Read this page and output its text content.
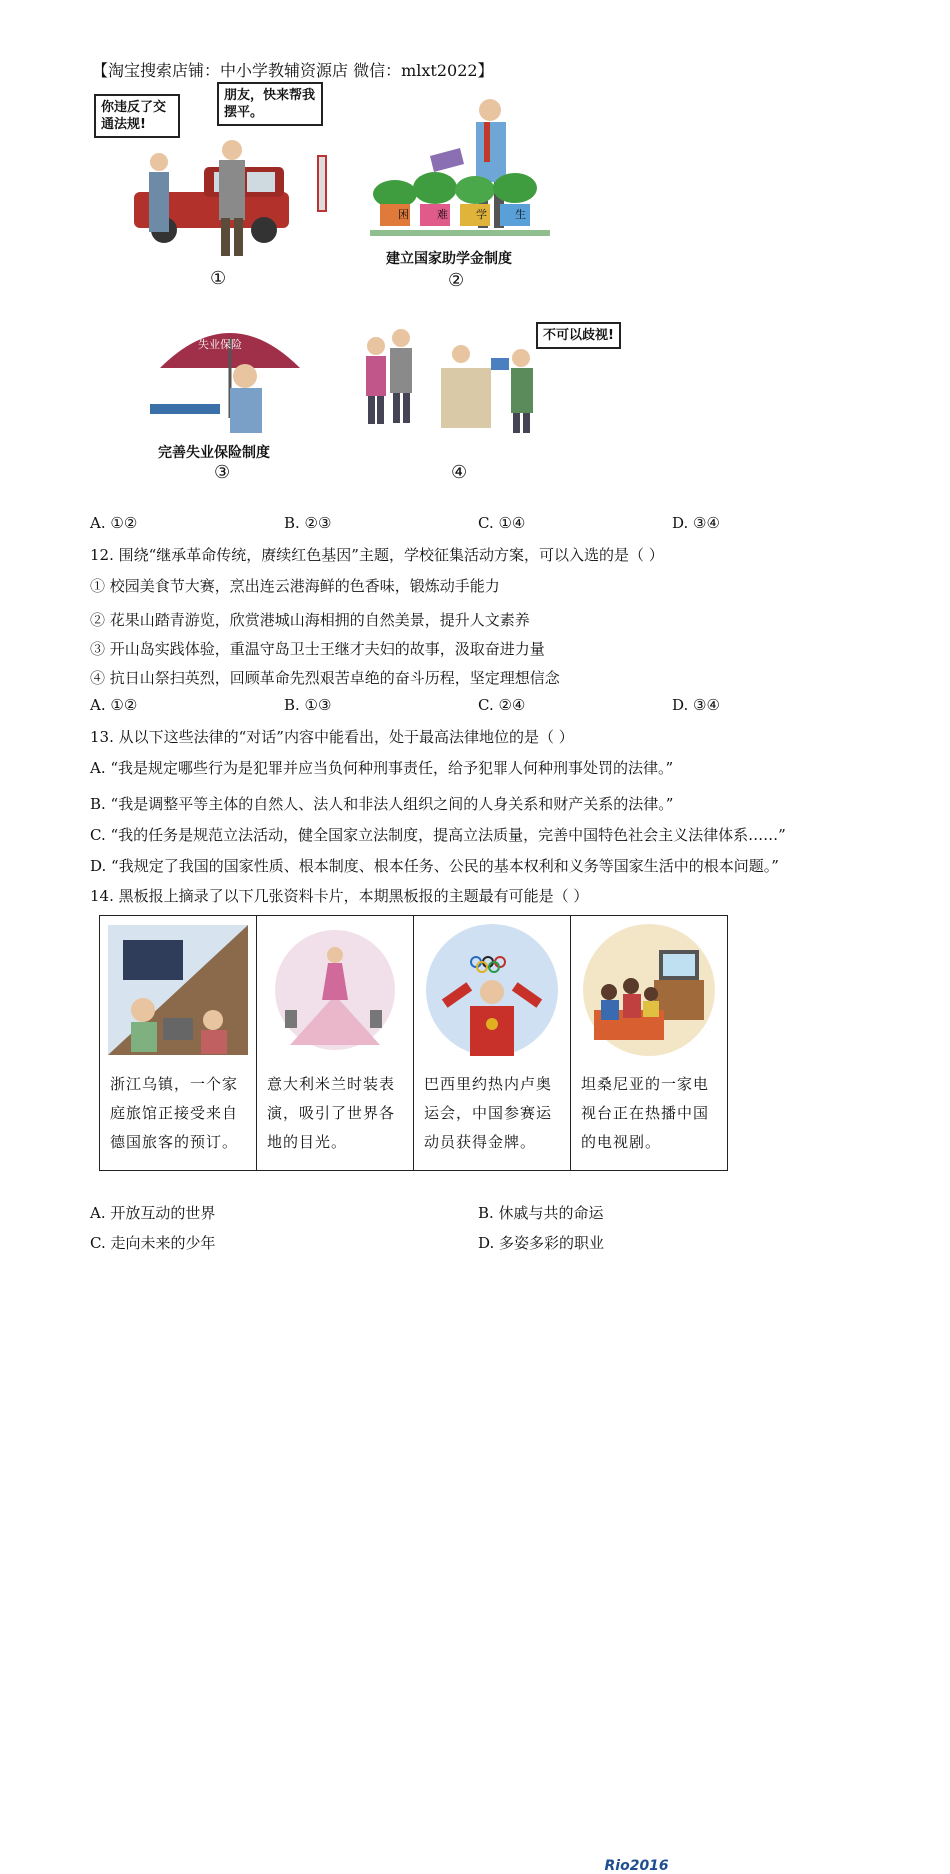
【淘宝搜索店铺：中小学教辅资源店 微信：mlxt2022】
你违反了交通法规!
朋友，快来帮我摆平。
①
困	难	学	生
建立国家助学金制度
②
失业保险
完善失业保险制度
③
不可以歧视!
④
A. ①②	B. ②③	C. ①④	D. ③④
12. 围绕“继承革命传统，赓续红色基因”主题，学校征集活动方案，可以入选的是（ ）
① 校园美食节大赛，烹出连云港海鲜的色香味，锻炼动手能力
② 花果山踏青游览，欣赏港城山海相拥的自然美景，提升人文素养
③ 开山岛实践体验，重温守岛卫士王继才夫妇的故事，汲取奋进力量
④ 抗日山祭扫英烈，回顾革命先烈艰苦卓绝的奋斗历程，坚定理想信念
A. ①②	B. ①③	C. ②④	D. ③④
13. 从以下这些法律的“对话”内容中能看出，处于最高法律地位的是（ ）
A. “我是规定哪些行为是犯罪并应当负何种刑事责任，给予犯罪人何种刑事处罚的法律。”
B. “我是调整平等主体的自然人、法人和非法人组织之间的人身关系和财产关系的法律。”
C. “我的任务是规范立法活动，健全国家立法制度，提高立法质量，完善中国特色社会主义法律体系……”
D. “我规定了我国的国家性质、根本制度、根本任务、公民的基本权利和义务等国家生活中的根本问题。”
14. 黑板报上摘录了以下几张资料卡片，本期黑板报的主题最有可能是（ ）
浙江乌镇，一个家庭旅馆正接受来自德国旅客的预订。

意大利米兰时装表演，吸引了世界各地的目光。

Rio2016
巴西里约热内卢奥运会，中国参赛运动员获得金牌。

坦桑尼亚的一家电视台正在热播中国的电视剧。
A. 开放互动的世界	B. 休戚与共的命运
C. 走向未来的少年	D. 多姿多彩的职业
